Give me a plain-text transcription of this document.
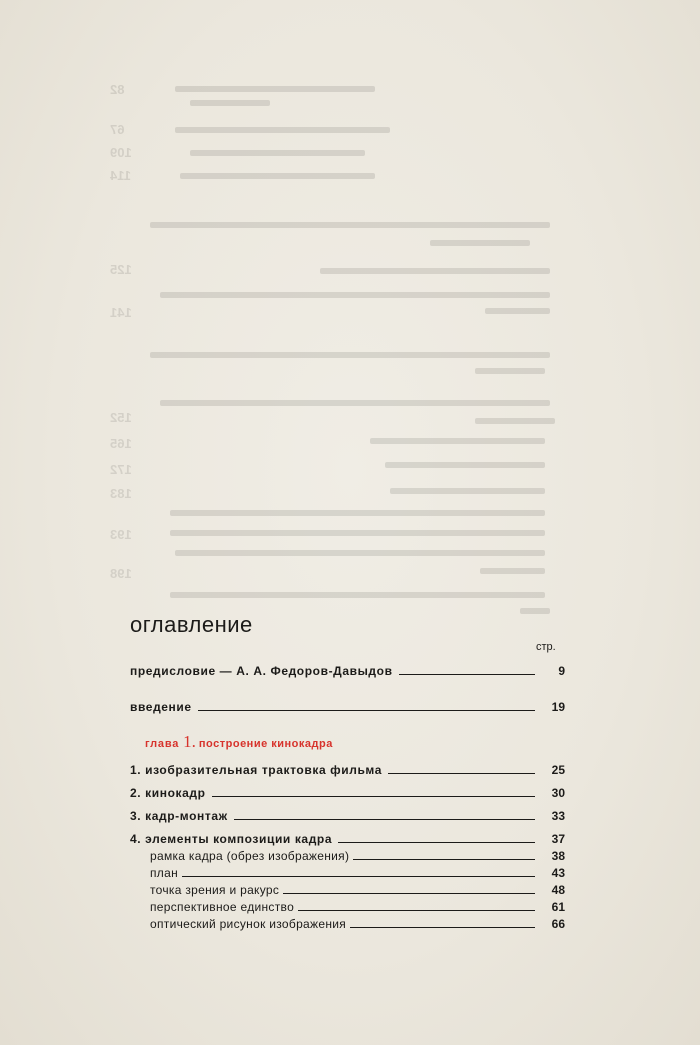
82
67
109
114
125
141
152
165
172
183
193
198
оглавление
стр.
предисловие — А. А. Федоров-Давыдов	9
введение	19
глава 1. построение кинокадра
1. изобразительная трактовка фильма	25
2. кинокадр	30
3. кадр-монтаж	33
4. элементы композиции кадра	37
рамка кадра (обрез изображения)	38
план	43
точка зрения и ракурс	48
перспективное единство	61
оптический рисунок изображения	66
